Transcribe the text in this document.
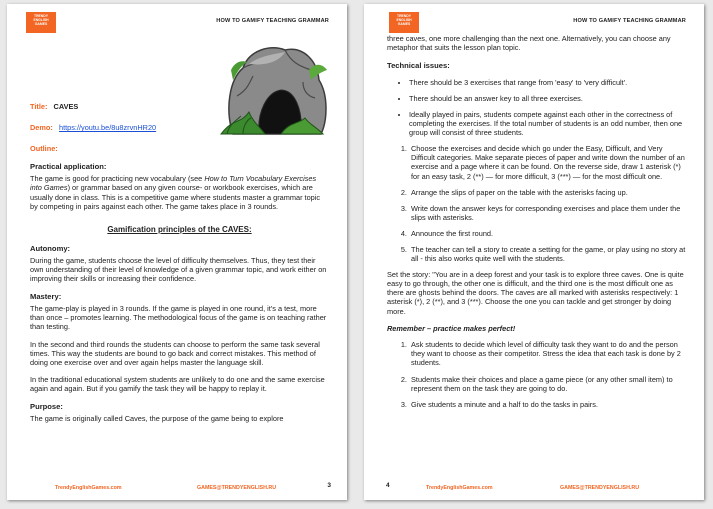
TRENDY
ENGLISH
GAMES
HOW TO GAMIFY TEACHING GRAMMAR

Title: CAVES

Demo: https://youtu.be/8u8zrvnHR20

Outline:

Practical application:

The game is good for practicing new vocabulary (see How to Turn Vocabulary Exercises into Games) or grammar based on any given course- or workbook exercises, which are usually done in class. This is a competitive game where students master a grammar topic by competing in pairs against each other. The game takes place in 3 rounds.

Gamification principles of the CAVES:
Autonomy:

During the game, students choose the level of difficulty themselves. Thus, they test their own understanding of their level of knowledge of a given grammar topic, and work either on improving their skills or increasing their confidence.

Mastery:

The game-play is played in 3 rounds. If the game is played in one round, it's a test, more than once – promotes learning. The methodological focus of the game is on teaching rather than testing.

In the second and third rounds the students can choose to perform the same task several times. This way the students are bound to go back and correct mistakes. This method of doing one exercise over and over again helps master the language skill.

In the traditional educational system students are unlikely to do one and the same exercise again and again. But if you gamify the task they will be happy to replay it.

Purpose:

The game is originally called Caves, the purpose of the game being to explore

TrendyEnglishGames.com	GAMES@TRENDYENGLISH.RU	3
TRENDY
ENGLISH
GAMES
HOW TO GAMIFY TEACHING GRAMMAR

three caves, one more challenging than the next one. Alternatively, you can choose any metaphor that suits the lesson plan topic.

Technical issues:
• There should be 3 exercises that range from 'easy' to 'very difficult'.
• There should be an answer key to all three exercises.
• Ideally played in pairs, students compete against each other in the correctness of completing the exercises. If the total number of students is an odd number, then one group will consist of three students.
1. Choose the exercises and decide which go under the Easy, Difficult, and Very Difficult categories. Make separate pieces of paper and write down the number of an exercise and a page where it can be found. On the reverse side, draw 1 asterisk (*) for an easy task, 2 (**) — for more difficult, 3 (***) — for the most difficult one.
2. Arrange the slips of paper on the table with the asterisks facing up.
3. Write down the answer keys for corresponding exercises and place them under the slips with asterisks.
4. Announce the first round.
5. The teacher can tell a story to create a setting for the game, or play using no story at all - this also works quite well with the students.

Set the story: "You are in a deep forest and your task is to explore three caves. One is quite easy to go through, the other one is difficult, and the third one is the most difficult one as there are ghosts behind the doors. The caves are all marked with asterisks respectively: 1 asterisk (*), 2 (**), and 3 (***). Choose the one you can tackle and get stronger by doing more.

Remember – practice makes perfect!

1. Ask students to decide which level of difficulty task they want to do and the person they want to choose as their competitor. Stress the idea that each task is done by 2 students.
2. Students make their choices and place a game piece (or any other small item) to represent them on the task they are going to do.
3. Give students a minute and a half to do the tasks in pairs.
4	TrendyEnglishGames.com	GAMES@TRENDYENGLISH.RU
